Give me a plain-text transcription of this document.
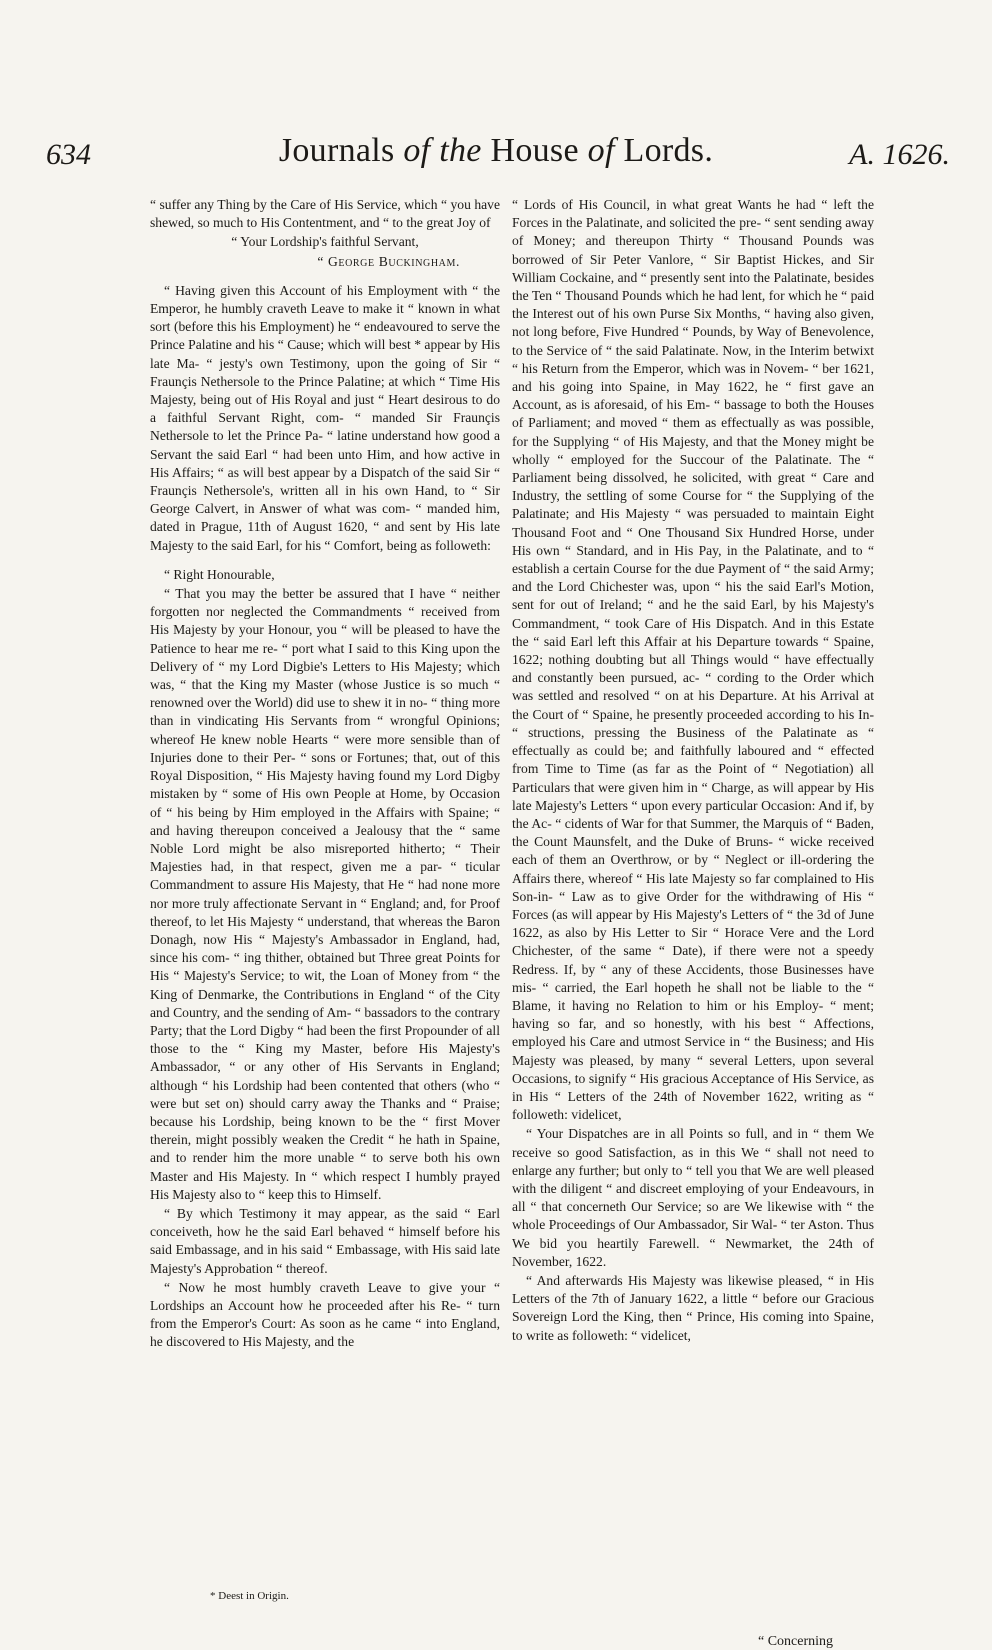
634	Journals of the House of Lords.	A. 1626.

“ suffer any Thing by the Care of His Service, which “ you have shewed, so much to His Contentment, and “ to the great Joy of

“ Your Lordship's faithful Servant,

“ George Buckingham.

“ Having given this Account of his Employment with “ the Emperor, he humbly craveth Leave to make it “ known in what sort (before this his Employment) he “ endeavoured to serve the Prince Palatine and his “ Cause; which will best * appear by His late Ma- “ jesty's own Testimony, upon the going of Sir “ Fraunçis Nethersole to the Prince Palatine; at which “ Time His Majesty, being out of His Royal and just “ Heart desirous to do a faithful Servant Right, com- “ manded Sir Fraunçis Nethersole to let the Prince Pa- “ latine understand how good a Servant the said Earl “ had been unto Him, and how active in His Affairs; “ as will best appear by a Dispatch of the said Sir “ Fraunçis Nethersole's, written all in his own Hand, to “ Sir George Calvert, in Answer of what was com- “ manded him, dated in Prague, 11th of August 1620, “ and sent by His late Majesty to the said Earl, for his “ Comfort, being as followeth:

“ Right Honourable,

“ That you may the better be assured that I have “ neither forgotten nor neglected the Commandments “ received from His Majesty by your Honour, you “ will be pleased to have the Patience to hear me re- “ port what I said to this King upon the Delivery of “ my Lord Digbie's Letters to His Majesty; which was, “ that the King my Master (whose Justice is so much “ renowned over the World) did use to shew it in no- “ thing more than in vindicating His Servants from “ wrongful Opinions; whereof He knew noble Hearts “ were more sensible than of Injuries done to their Per- “ sons or Fortunes; that, out of this Royal Disposition, “ His Majesty having found my Lord Digby mistaken by “ some of His own People at Home, by Occasion of “ his being by Him employed in the Affairs with Spaine; “ and having thereupon conceived a Jealousy that the “ same Noble Lord might be also misreported hitherto; “ Their Majesties had, in that respect, given me a par- “ ticular Commandment to assure His Majesty, that He “ had none more nor more truly affectionate Servant in “ England; and, for Proof thereof, to let His Majesty “ understand, that whereas the Baron Donagh, now His “ Majesty's Ambassador in England, had, since his com- “ ing thither, obtained but Three great Points for His “ Majesty's Service; to wit, the Loan of Money from “ the King of Denmarke, the Contributions in England “ of the City and Country, and the sending of Am- “ bassadors to the contrary Party; that the Lord Digby “ had been the first Propounder of all those to the “ King my Master, before His Majesty's Ambassador, “ or any other of His Servants in England; although “ his Lordship had been contented that others (who “ were but set on) should carry away the Thanks and “ Praise; because his Lordship, being known to be the “ first Mover therein, might possibly weaken the Credit “ he hath in Spaine, and to render him the more unable “ to serve both his own Master and His Majesty. In “ which respect I humbly prayed His Majesty also to “ keep this to Himself.

“ By which Testimony it may appear, as the said “ Earl conceiveth, how he the said Earl behaved “ himself before his said Embassage, and in his said “ Embassage, with His said late Majesty's Approbation “ thereof.

“ Now he most humbly craveth Leave to give your “ Lordships an Account how he proceeded after his Re- “ turn from the Emperor's Court: As soon as he came “ into England, he discovered to His Majesty, and the

* Deest in Origin.

“ Lords of His Council, in what great Wants he had “ left the Forces in the Palatinate, and solicited the pre- “ sent sending away of Money; and thereupon Thirty “ Thousand Pounds was borrowed of Sir Peter Vanlore, “ Sir Baptist Hickes, and Sir William Cockaine, and “ presently sent into the Palatinate, besides the Ten “ Thousand Pounds which he had lent, for which he “ paid the Interest out of his own Purse Six Months, “ having also given, not long before, Five Hundred “ Pounds, by Way of Benevolence, to the Service of “ the said Palatinate. Now, in the Interim betwixt “ his Return from the Emperor, which was in Novem- “ ber 1621, and his going into Spaine, in May 1622, he “ first gave an Account, as is aforesaid, of his Em- “ bassage to both the Houses of Parliament; and moved “ them as effectually as was possible, for the Supplying “ of His Majesty, and that the Money might be wholly “ employed for the Succour of the Palatinate. The “ Parliament being dissolved, he solicited, with great “ Care and Industry, the settling of some Course for “ the Supplying of the Palatinate; and His Majesty “ was persuaded to maintain Eight Thousand Foot and “ One Thousand Six Hundred Horse, under His own “ Standard, and in His Pay, in the Palatinate, and to “ establish a certain Course for the due Payment of “ the said Army; and the Lord Chichester was, upon “ his the said Earl's Motion, sent for out of Ireland; “ and he the said Earl, by his Majesty's Commandment, “ took Care of His Dispatch. And in this Estate the “ said Earl left this Affair at his Departure towards “ Spaine, 1622; nothing doubting but all Things would “ have effectually and constantly been pursued, ac- “ cording to the Order which was settled and resolved “ on at his Departure. At his Arrival at the Court of “ Spaine, he presently proceeded according to his In- “ structions, pressing the Business of the Palatinate as “ effectually as could be; and faithfully laboured and “ effected from Time to Time (as far as the Point of “ Negotiation) all Particulars that were given him in “ Charge, as will appear by His late Majesty's Letters “ upon every particular Occasion: And if, by the Ac- “ cidents of War for that Summer, the Marquis of “ Baden, the Count Maunsfelt, and the Duke of Bruns- “ wicke received each of them an Overthrow, or by “ Neglect or ill-ordering the Affairs there, whereof “ His late Majesty so far complained to His Son-in- “ Law as to give Order for the withdrawing of His “ Forces (as will appear by His Majesty's Letters of “ the 3d of June 1622, as also by His Letter to Sir “ Horace Vere and the Lord Chichester, of the same “ Date), if there were not a speedy Redress. If, by “ any of these Accidents, those Businesses have mis- “ carried, the Earl hopeth he shall not be liable to the “ Blame, it having no Relation to him or his Employ- “ ment; having so far, and so honestly, with his best “ Affections, employed his Care and utmost Service in “ the Business; and His Majesty was pleased, by many “ several Letters, upon several Occasions, to signify “ His gracious Acceptance of His Service, as in His “ Letters of the 24th of November 1622, writing as “ followeth: videlicet,

“ Your Dispatches are in all Points so full, and in “ them We receive so good Satisfaction, as in this We “ shall not need to enlarge any further; but only to “ tell you that We are well pleased with the diligent “ and discreet employing of your Endeavours, in all “ that concerneth Our Service; so are We likewise with “ the whole Proceedings of Our Ambassador, Sir Wal- “ ter Aston. Thus We bid you heartily Farewell. “ Newmarket, the 24th of November, 1622.

“ And afterwards His Majesty was likewise pleased, “ in His Letters of the 7th of January 1622, a little “ before our Gracious Sovereign Lord the King, then “ Prince, His coming into Spaine, to write as followeth: “ videlicet,

“ Concerning
